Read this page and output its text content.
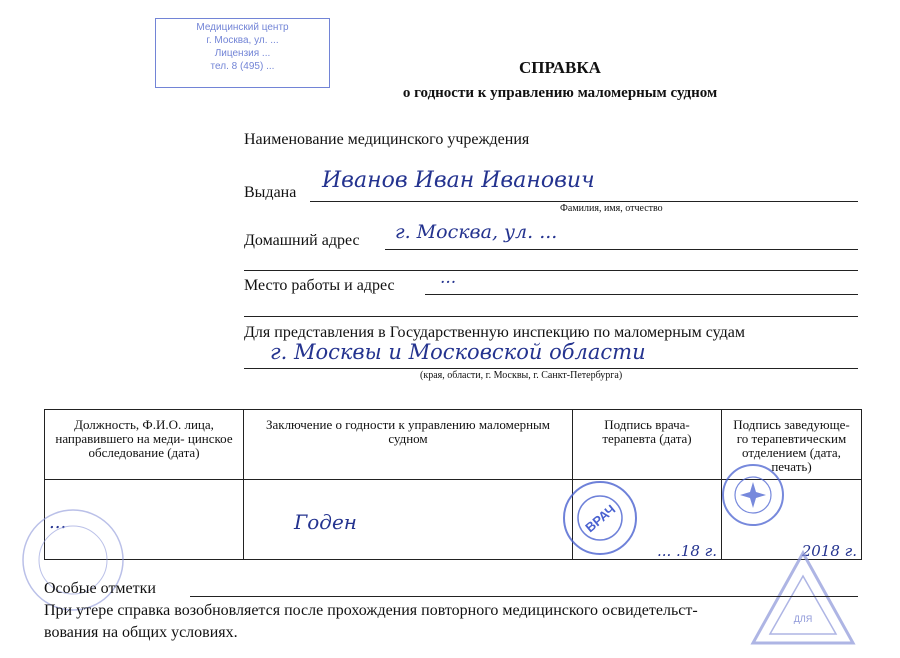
Медицинский центр
г. Москва, ул. ...
Лицензия ...
тел. 8 (495) ...	СПРАВКА
о годности к управлению маломерным судном
Наименование медицинского учреждения
Выдана Иванов Иван Иванович
Фамилия, имя, отчество
Домашний адрес г. Москва, ул. ...
Место работы и адрес	...
Для представления в Государственную инспекцию по маломерным судам
г. Москвы и Московской области
(края, области, г. Москвы, г. Санкт-Петербурга)
Должность, Ф.И.О. лица, направившего на меди- цинское обследование (дата)	Заключение о годности к управлению маломерным судном	Подпись врача- терапевта (дата)	Подпись заведующе- го терапевтическим отделением (дата, печать)
...	Годен	... .18 г.	2018 г.
ВРАЧ
ДЛЯ
Особые отметки
При утере справка возобновляется после прохождения повторного медицинского освидетельст-
вования на общих условиях.
